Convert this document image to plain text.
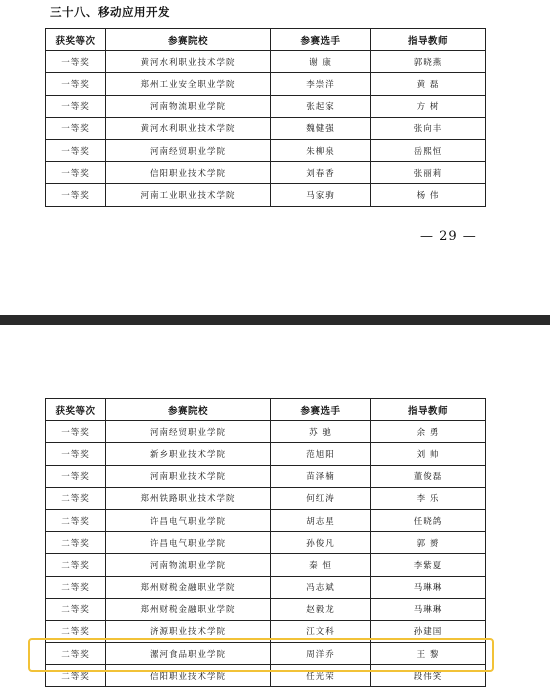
三十八、移动应用开发
获奖等次	参赛院校	参赛选手	指导教师
一等奖	黄河水利职业技术学院	谢 康	郭晓燕
一等奖	郑州工业安全职业学院	李崇洋	黄 磊
一等奖	河南物流职业学院	张起家	方 树
一等奖	黄河水利职业技术学院	魏健强	张向丰
一等奖	河南经贸职业学院	朱柳泉	岳熙恒
一等奖	信阳职业技术学院	刘春香	张丽莉
一等奖	河南工业职业技术学院	马家驹	杨 伟
— 29 —
获奖等次	参赛院校	参赛选手	指导教师
一等奖	河南经贸职业学院	苏 驰	余 勇
一等奖	新乡职业技术学院	范旭阳	刘 帅
一等奖	河南职业技术学院	苗泽楠	董俊磊
二等奖	郑州铁路职业技术学院	何红涛	李 乐
二等奖	许昌电气职业学院	胡志星	任晓鸽
二等奖	许昌电气职业学院	孙俊凡	郭 赟
二等奖	河南物流职业学院	秦 恒	李紫夏
二等奖	郑州财税金融职业学院	冯志斌	马琳琳
二等奖	郑州财税金融职业学院	赵毅龙	马琳琳
二等奖	济源职业技术学院	江文科	孙建国
二等奖	漯河食品职业学院	周洋乔	王 黎
二等奖	信阳职业技术学院	任光荣	段伟笑
